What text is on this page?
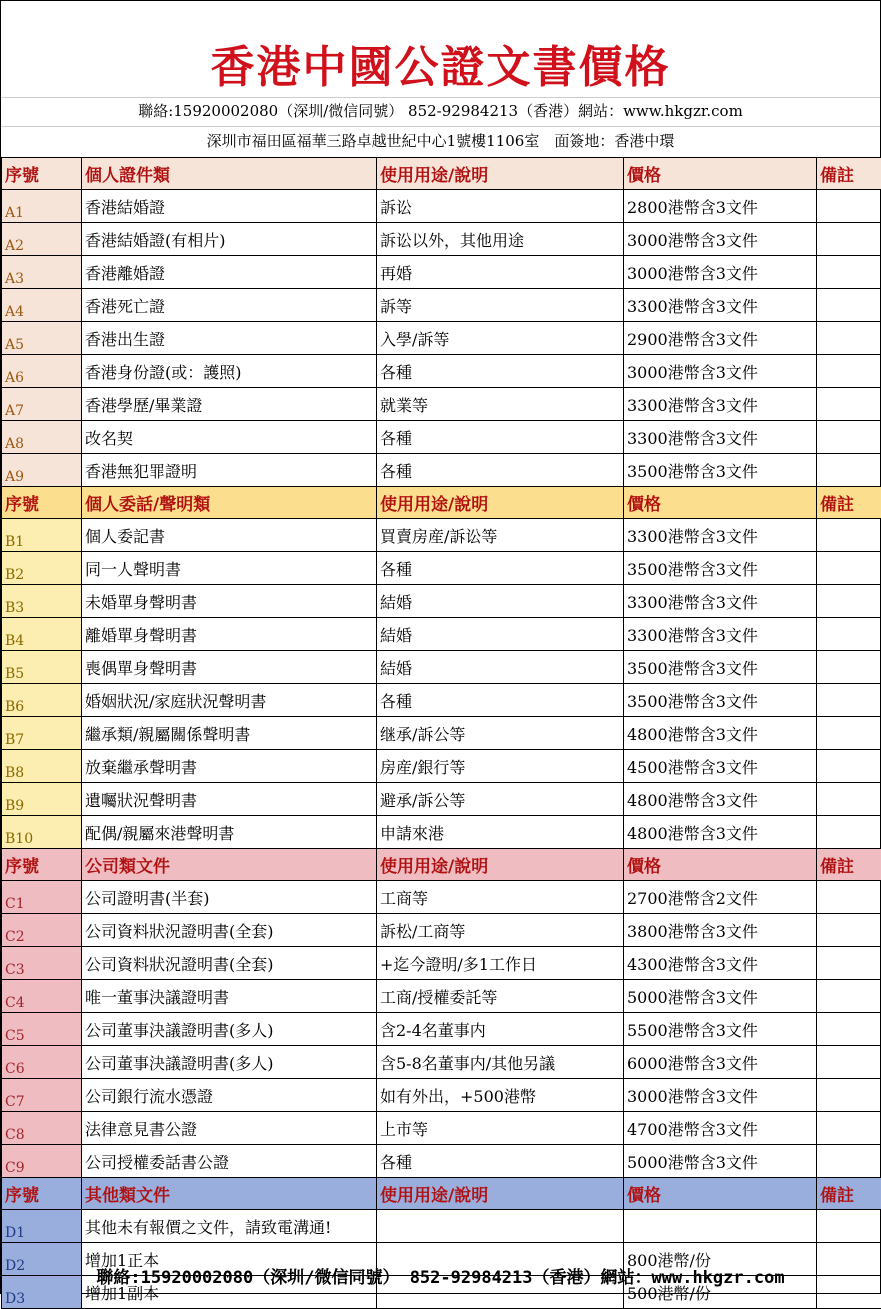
香港中國公證文書價格
聯絡:15920002080（深圳/微信同號） 852-92984213（香港）網站：www.hkgzr.com
深圳市福田區福華三路卓越世紀中心1號樓1106室　面簽地：香港中環
序號	個人證件類	使用用途/說明	價格	備註
A1	香港結婚證	訴讼	2800港幣含3文件	
A2	香港結婚證(有相片)	訴讼以外，其他用途	3000港幣含3文件	
A3	香港離婚證	再婚	3000港幣含3文件	
A4	香港死亡證	訴等	3300港幣含3文件	
A5	香港出生證	入學/訴等	2900港幣含3文件	
A6	香港身份證(或：護照)	各種	3000港幣含3文件	
A7	香港學歷/畢業證	就業等	3300港幣含3文件	
A8	改名契	各種	3300港幣含3文件	
A9	香港無犯罪證明	各種	3500港幣含3文件	
序號	個人委話/聲明類	使用用途/說明	價格	備註
B1	個人委記書	買賣房産/訴讼等	3300港幣含3文件	
B2	同一人聲明書	各種	3500港幣含3文件	
B3	未婚單身聲明書	結婚	3300港幣含3文件	
B4	離婚單身聲明書	結婚	3300港幣含3文件	
B5	喪偶單身聲明書	結婚	3500港幣含3文件	
B6	婚姻狀況/家庭狀況聲明書	各種	3500港幣含3文件	
B7	繼承類/親屬關係聲明書	继承/訴公等	4800港幣含3文件	
B8	放棄繼承聲明書	房産/銀行等	4500港幣含3文件	
B9	遺囑狀況聲明書	避承/訴公等	4800港幣含3文件	
B10	配偶/親屬來港聲明書	申請來港	4800港幣含3文件	
序號	公司類文件	使用用途/說明	價格	備註
C1	公司證明書(半套)	工商等	2700港幣含2文件	
C2	公司資料狀況證明書(全套)	訴松/工商等	3800港幣含3文件	
C3	公司資料狀況證明書(全套)	+迄今證明/多1工作日	4300港幣含3文件	
C4	唯一董事決議證明書	工商/授權委託等	5000港幣含3文件	
C5	公司董事決議證明書(多人)	含2-4名董事内	5500港幣含3文件	
C6	公司董事決議證明書(多人)	含5-8名董事内/其他另議	6000港幣含3文件	
C7	公司銀行流水憑證	如有外出，+500港幣	3000港幣含3文件	
C8	法律意見書公證	上市等	4700港幣含3文件	
C9	公司授權委話書公證	各種	5000港幣含3文件	
序號	其他類文件	使用用途/說明	價格	備註
D1	其他未有報價之文件，請致電溝通!			
D2	增加1正本		800港幣/份	
D3	增加1副本		500港幣/份	
聯絡:15920002080（深圳/微信同號） 852-92984213（香港）網站：www.hkgzr.com
